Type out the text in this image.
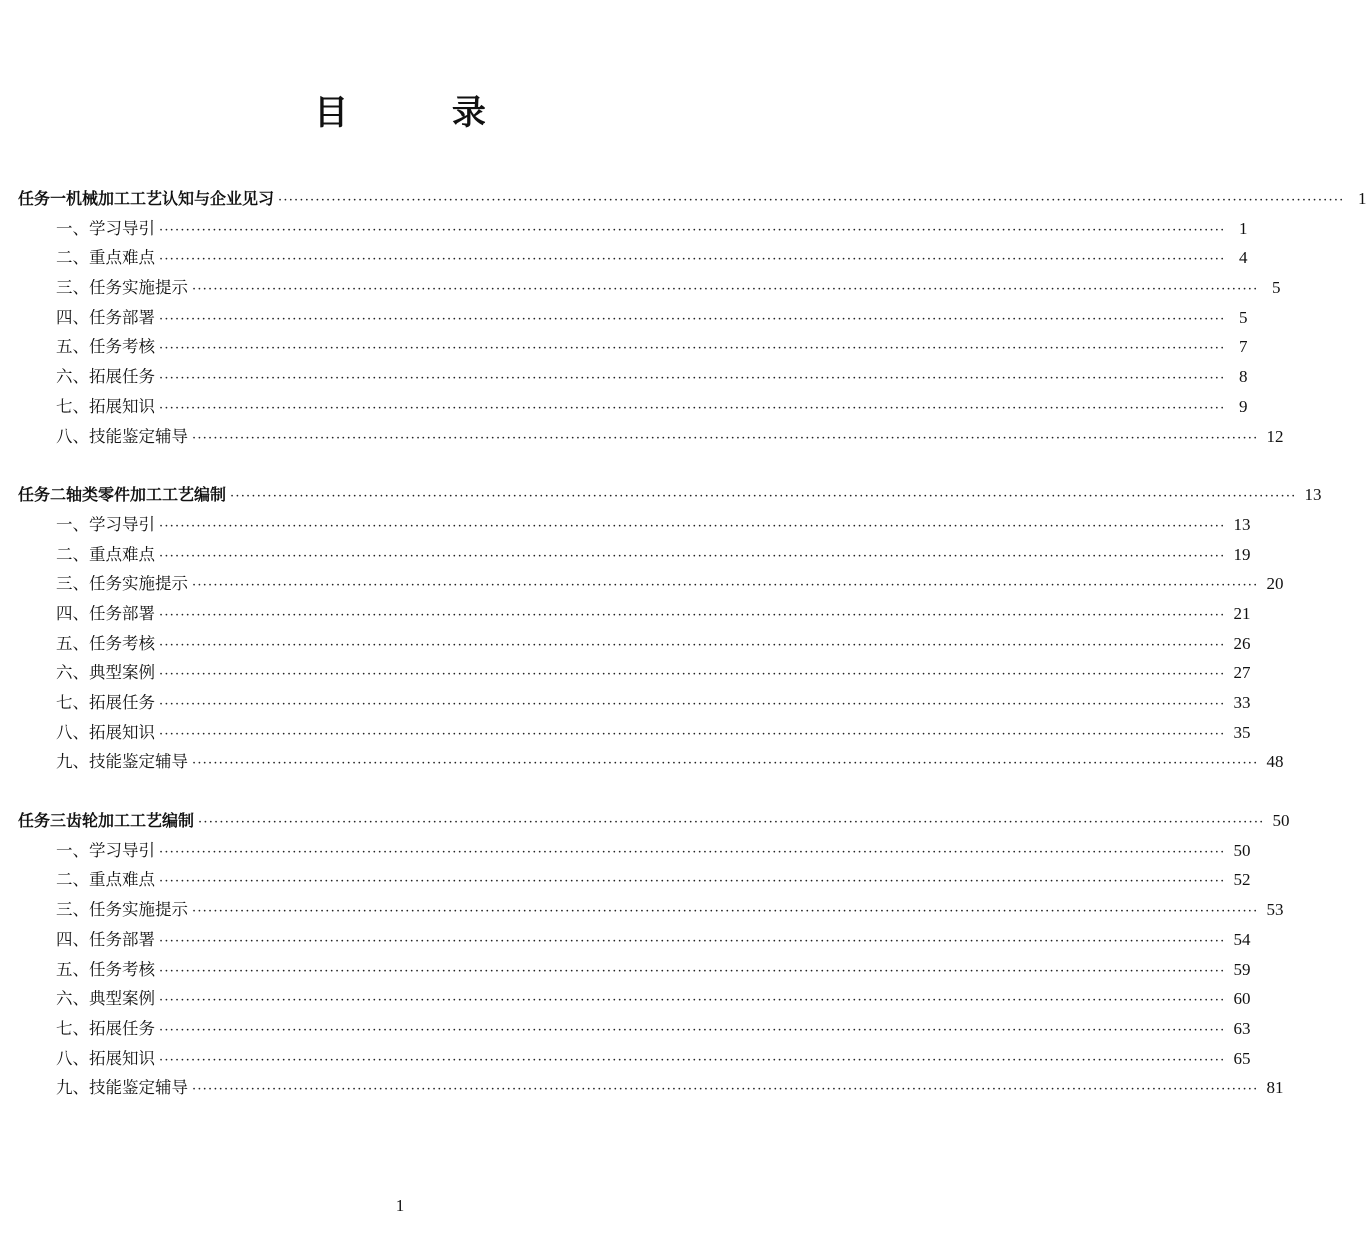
目 录
任务一 机械加工工艺认知与企业见习 ········································································································································································································ 1
一、学习导引 ········································································································································································································ 1
二、重点难点 ········································································································································································································ 4
三、任务实施提示 ········································································································································································································ 5
四、任务部署 ········································································································································································································ 5
五、任务考核 ········································································································································································································ 7
六、拓展任务 ········································································································································································································ 8
七、拓展知识 ········································································································································································································ 9
八、技能鉴定辅导 ········································································································································································································ 12
任务二 轴类零件加工工艺编制 ········································································································································································································ 13
一、学习导引 ········································································································································································································ 13
二、重点难点 ········································································································································································································ 19
三、任务实施提示 ········································································································································································································ 20
四、任务部署 ········································································································································································································ 21
五、任务考核 ········································································································································································································ 26
六、典型案例 ········································································································································································································ 27
七、拓展任务 ········································································································································································································ 33
八、拓展知识 ········································································································································································································ 35
九、技能鉴定辅导 ········································································································································································································ 48
任务三 齿轮加工工艺编制 ········································································································································································································ 50
一、学习导引 ········································································································································································································ 50
二、重点难点 ········································································································································································································ 52
三、任务实施提示 ········································································································································································································ 53
四、任务部署 ········································································································································································································ 54
五、任务考核 ········································································································································································································ 59
六、典型案例 ········································································································································································································ 60
七、拓展任务 ········································································································································································································ 63
八、拓展知识 ········································································································································································································ 65
九、技能鉴定辅导 ········································································································································································································ 81
1
